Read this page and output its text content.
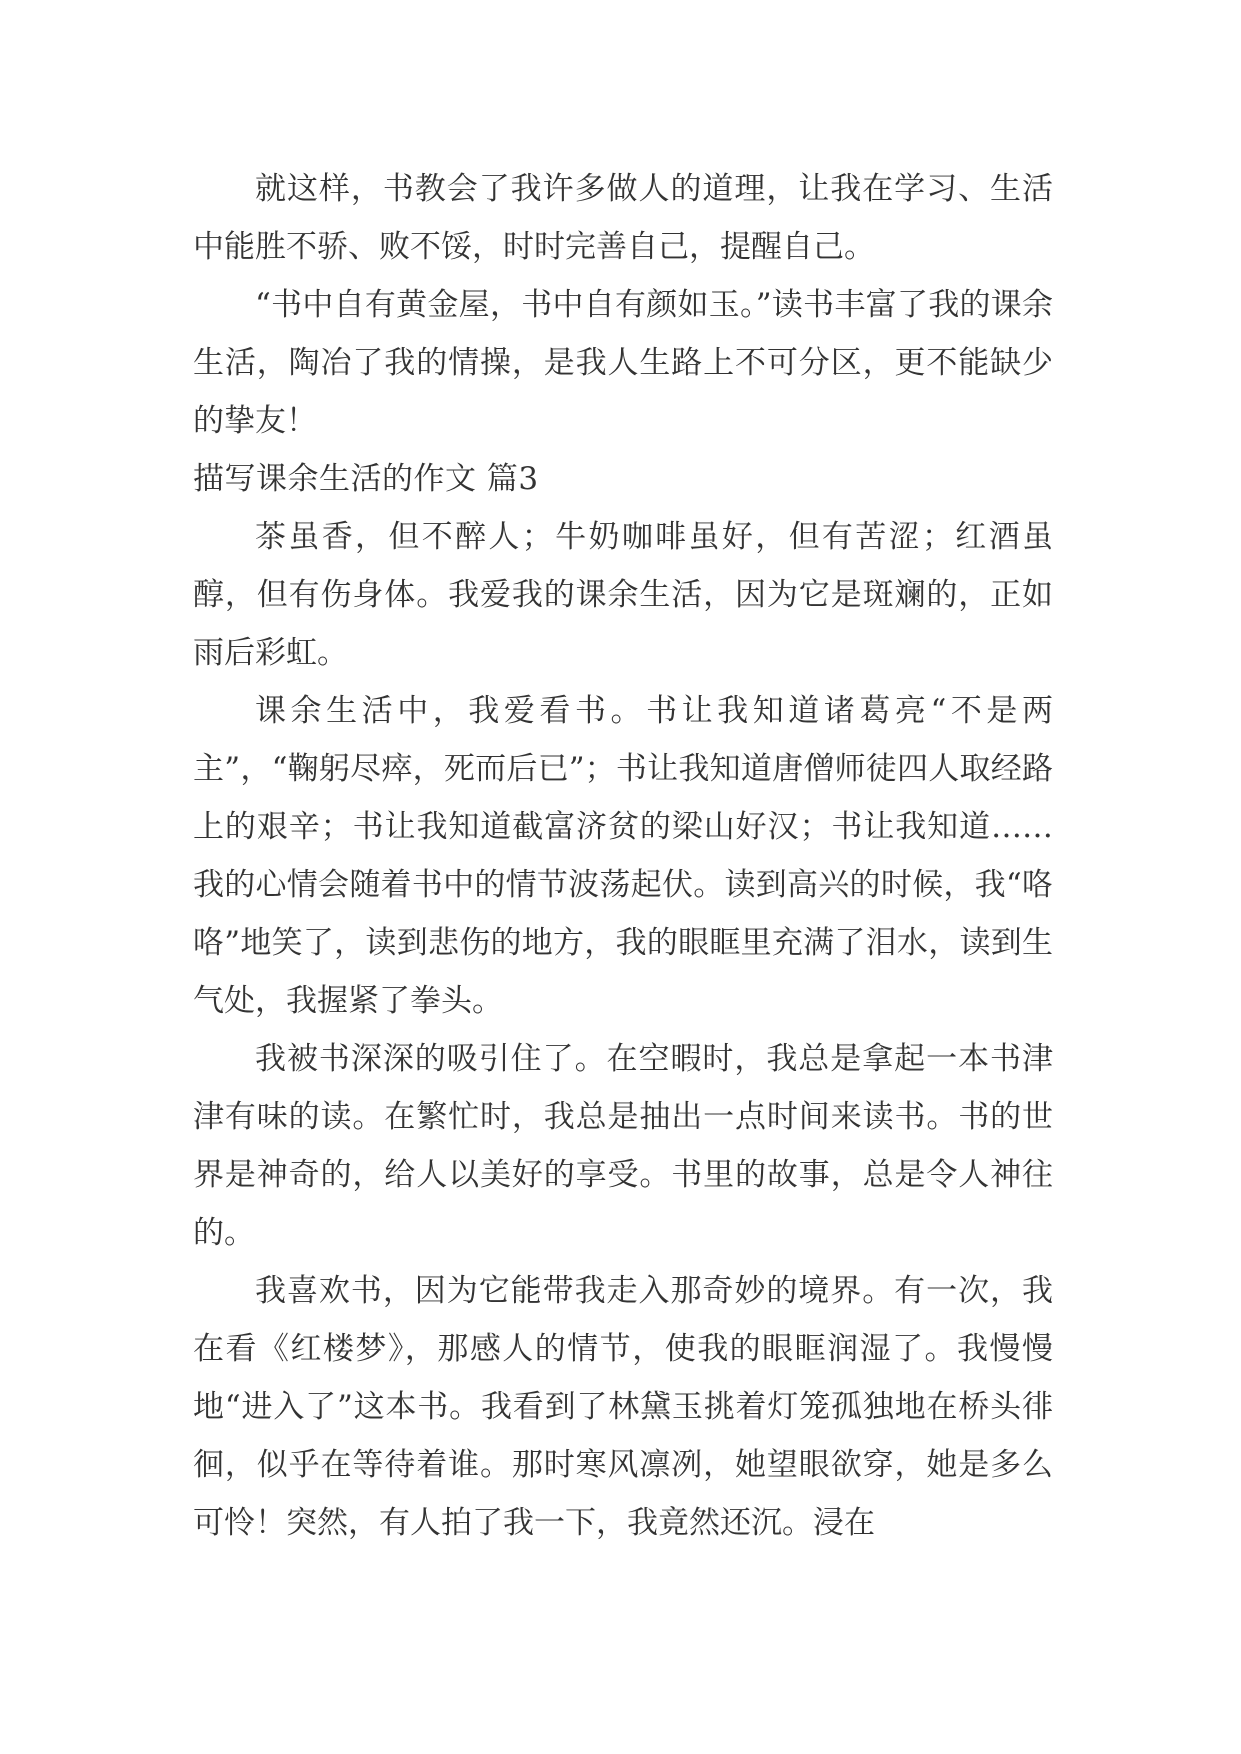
就这样，书教会了我许多做人的道理，让我在学习、生活中能胜不骄、败不馁，时时完善自己，提醒自己。

“书中自有黄金屋，书中自有颜如玉。”读书丰富了我的课余生活，陶冶了我的情操，是我人生路上不可分区，更不能缺少的挚友！

描写课余生活的作文 篇3

茶虽香，但不醉人；牛奶咖啡虽好，但有苦涩；红酒虽醇，但有伤身体。我爱我的课余生活，因为它是斑斓的，正如雨后彩虹。

课余生活中，我爱看书。书让我知道诸葛亮“不是两主”，“鞠躬尽瘁，死而后已”；书让我知道唐僧师徒四人取经路上的艰辛；书让我知道截富济贫的梁山好汉；书让我知道……我的心情会随着书中的情节波荡起伏。读到高兴的时候，我“咯咯”地笑了，读到悲伤的地方，我的眼眶里充满了泪水，读到生气处，我握紧了拳头。

我被书深深的吸引住了。在空暇时，我总是拿起一本书津津有味的读。在繁忙时，我总是抽出一点时间来读书。书的世界是神奇的，给人以美好的享受。书里的故事，总是令人神往的。

我喜欢书，因为它能带我走入那奇妙的境界。有一次，我在看《红楼梦》，那感人的情节，使我的眼眶润湿了。我慢慢地“进入了”这本书。我看到了林黛玉挑着灯笼孤独地在桥头徘徊，似乎在等待着谁。那时寒风凛冽，她望眼欲穿，她是多么可怜！突然，有人拍了我一下，我竟然还沉。浸在
